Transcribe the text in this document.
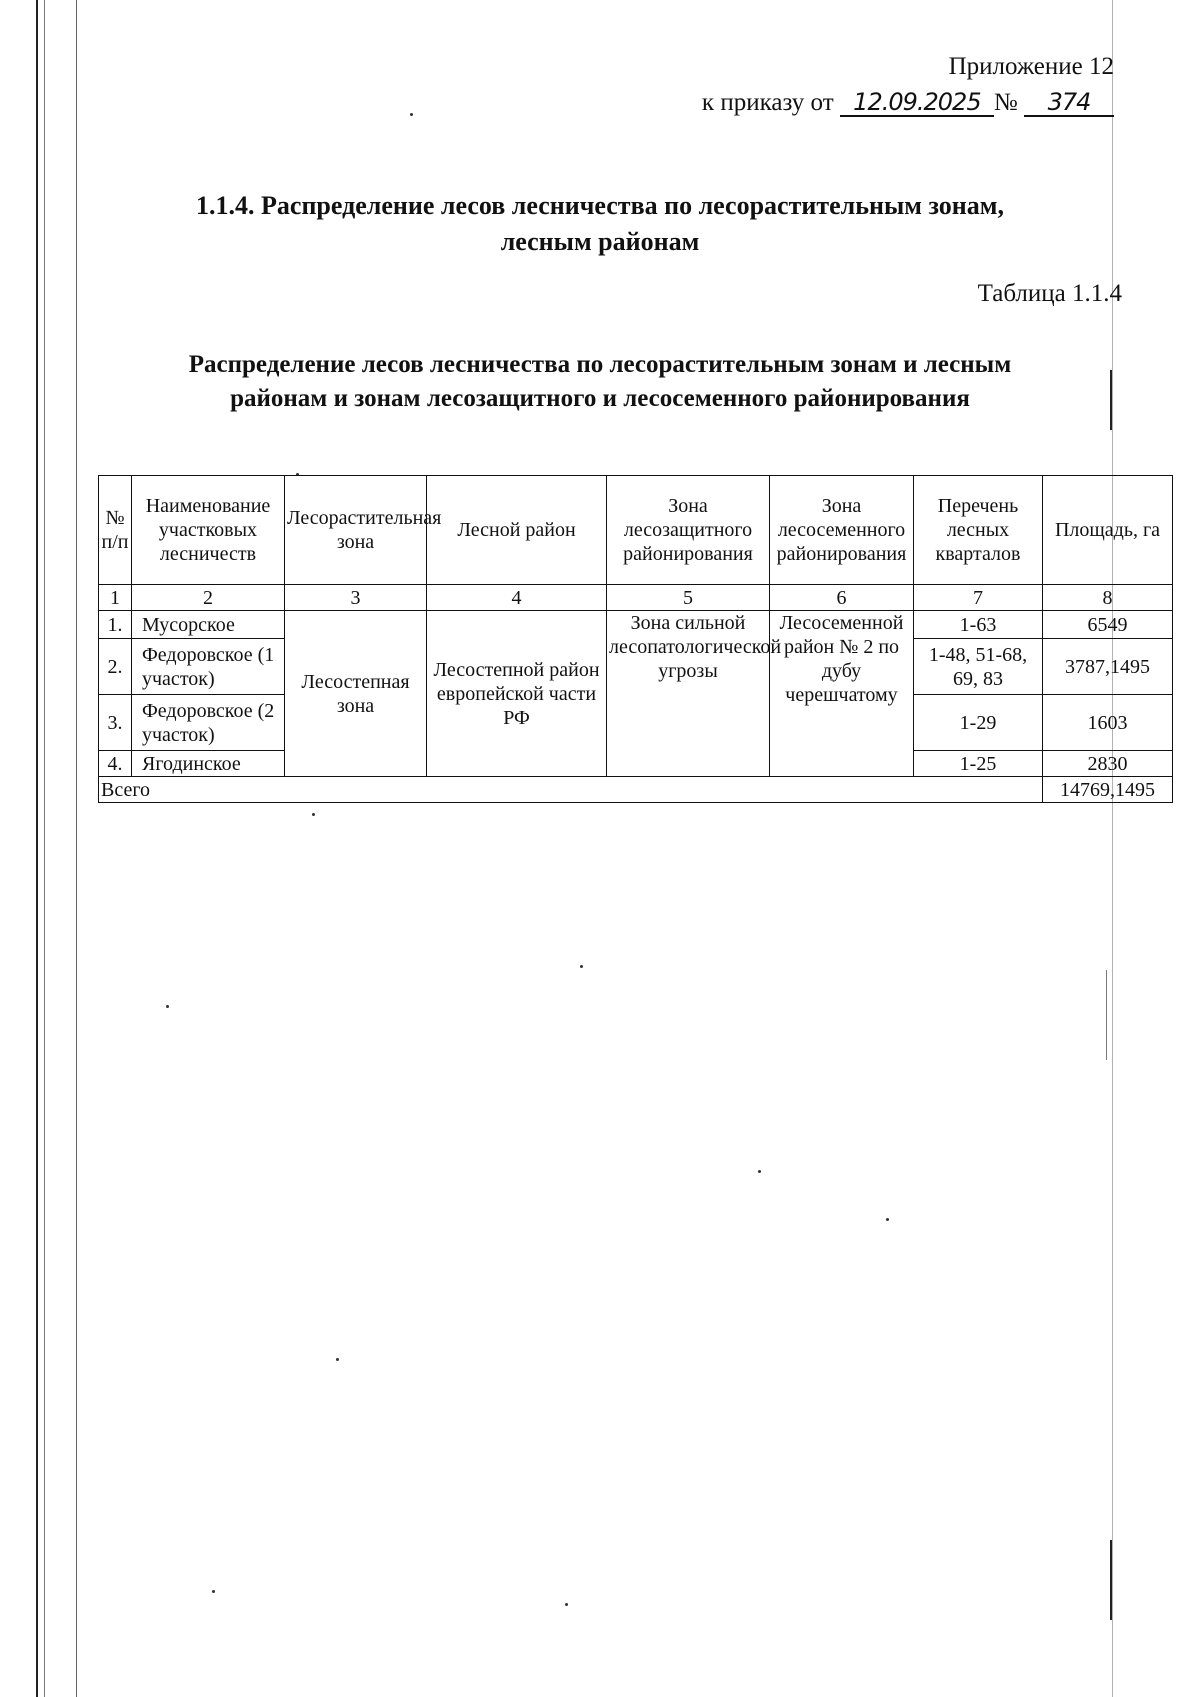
Приложение 12
к приказу от 12.09.2025 № 374
1.1.4. Распределение лесов лесничества по лесорастительным зонам, лесным районам
Таблица 1.1.4
Распределение лесов лесничества по лесорастительным зонам и лесным районам и зонам лесозащитного и лесосеменного районирования
№ п/п	Наименование участковых лесничеств	Лесорастительная зона	Лесной район	Зона лесозащитного районирования	Зона лесосеменного районирования	Перечень лесных кварталов	Площадь, га
1	2	3	4	5	6	7	8
1.	Мусорское	Лесостепная зона	Лесостепной район европейской части РФ	Зона сильной лесопатологической угрозы	Лесосеменной район № 2 по дубу черешчатому	1-63	6549
2.	Федоровское (1 участок)					1-48, 51-68, 69, 83	3787,1495
3.	Федоровское (2 участок)					1-29	1603
4.	Ягодинское					1-25	2830
Всего							14769,1495
